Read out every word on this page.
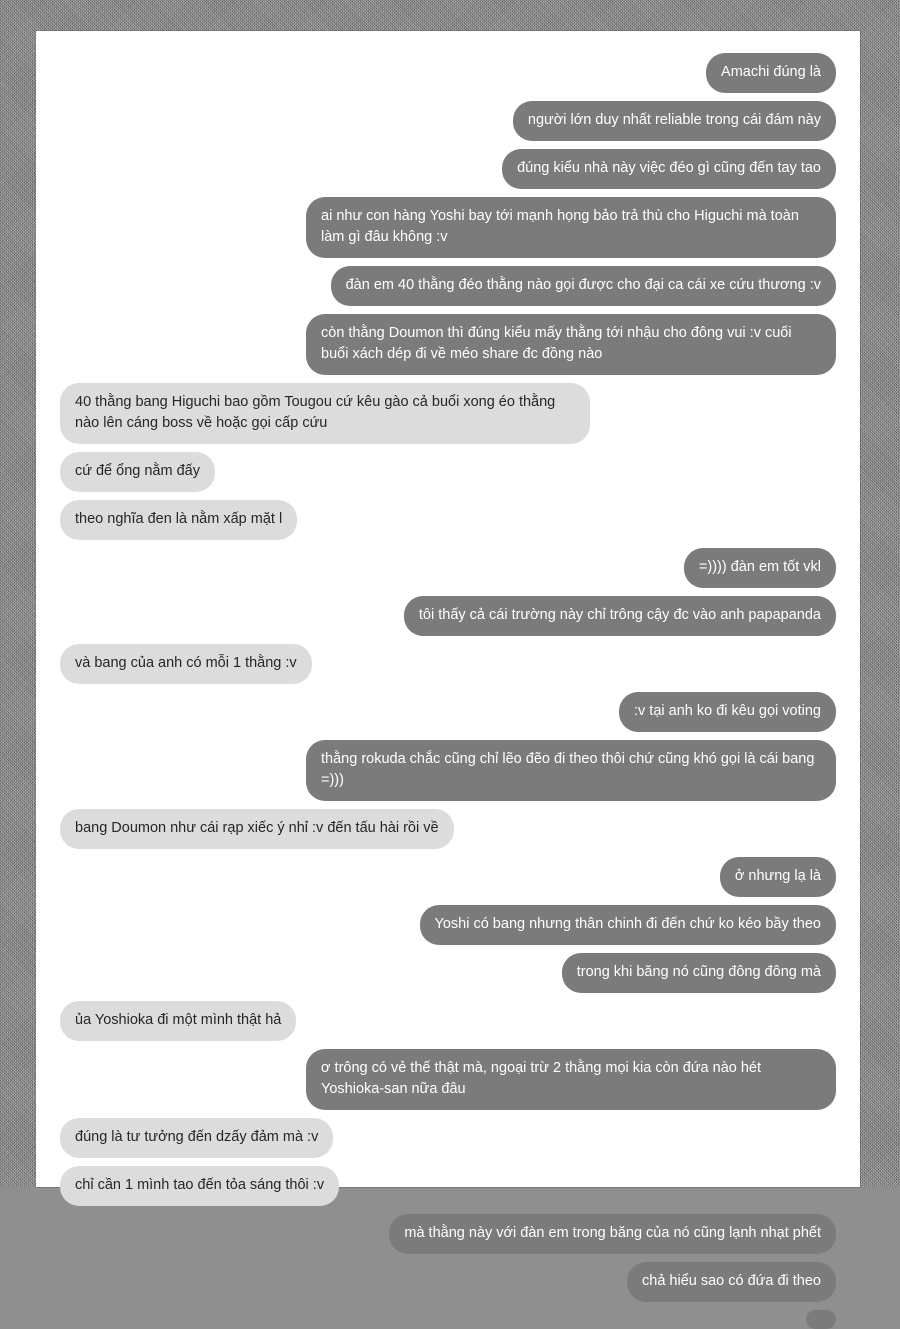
Amachi đúng là
người lớn duy nhất reliable trong cái đám này
đúng kiểu nhà này việc đéo gì cũng đến tay tao
ai như con hàng Yoshi bay tới mạnh họng bảo trả thù cho Higuchi mà toàn làm gì đâu không :v
đàn em 40 thằng đéo thằng nào gọi được cho đại ca cái xe cứu thương :v
còn thằng Doumon thì đúng kiểu mấy thằng tới nhậu cho đông vui :v cuối buổi xách dép đi về méo share đc đồng nào
40 thằng bang Higuchi bao gồm Tougou cứ kêu gào cả buổi xong éo thằng nào lên cáng boss về hoặc gọi cấp cứu
cứ để ổng nằm đấy
theo nghĩa đen là nằm xấp mặt l
=)))) đàn em tốt vkl
tôi thấy cả cái trường này chỉ trông cậy đc vào anh papapanda
và bang của anh có mỗi 1 thằng :v
:v tại anh ko đi kêu gọi voting
thằng rokuda chắc cũng chỉ lẽo đẽo đi theo thôi chứ cũng khó gọi là cái bang =)))
bang Doumon như cái rạp xiếc ý nhỉ :v đến tấu hài rồi về
ở nhưng lạ là
Yoshi có bang nhưng thân chinh đi đến chứ ko kéo bầy theo
trong khi băng nó cũng đông đông mà
ủa Yoshioka đi một mình thật hả
ơ trông có vẻ thế thật mà, ngoại trừ 2 thằng mọi kia còn đứa nào hét Yoshioka-san nữa đâu
đúng là tư tưởng đến dzấy đảm mà :v
chỉ cần 1 mình tao đến tỏa sáng thôi :v
mà thằng này với đàn em trong băng của nó cũng lạnh nhạt phết
chả hiểu sao có đứa đi theo
